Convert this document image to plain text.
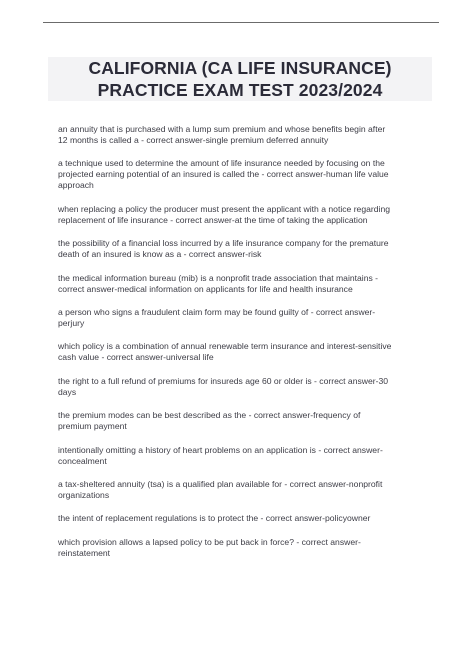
CALIFORNIA (CA LIFE INSURANCE)
PRACTICE EXAM TEST 2023/2024
an annuity that is purchased with a lump sum premium and whose benefits begin after
12 months is called a - correct answer-single premium deferred annuity
a technique used to determine the amount of life insurance needed by focusing on the
projected earning potential of an insured is called the - correct answer-human life value
approach
when replacing a policy the producer must present the applicant with a notice regarding
replacement of life insurance - correct answer-at the time of taking the application
the possibility of a financial loss incurred by a life insurance company for the premature
death of an insured is know as a - correct answer-risk
the medical information bureau (mib) is a nonprofit trade association that maintains -
correct answer-medical information on applicants for life and health insurance
a person who signs a fraudulent claim form may be found guilty of - correct answer-
perjury
which policy is a combination of annual renewable term insurance and interest-sensitive
cash value - correct answer-universal life
the right to a full refund of premiums for insureds age 60 or older is - correct answer-30
days
the premium modes can be best described as the - correct answer-frequency of
premium payment
intentionally omitting a history of heart problems on an application is - correct answer-
concealment
a tax-sheltered annuity (tsa) is a qualified plan available for - correct answer-nonprofit
organizations
the intent of replacement regulations is to protect the - correct answer-policyowner
which provision allows a lapsed policy to be put back in force? - correct answer-
reinstatement
